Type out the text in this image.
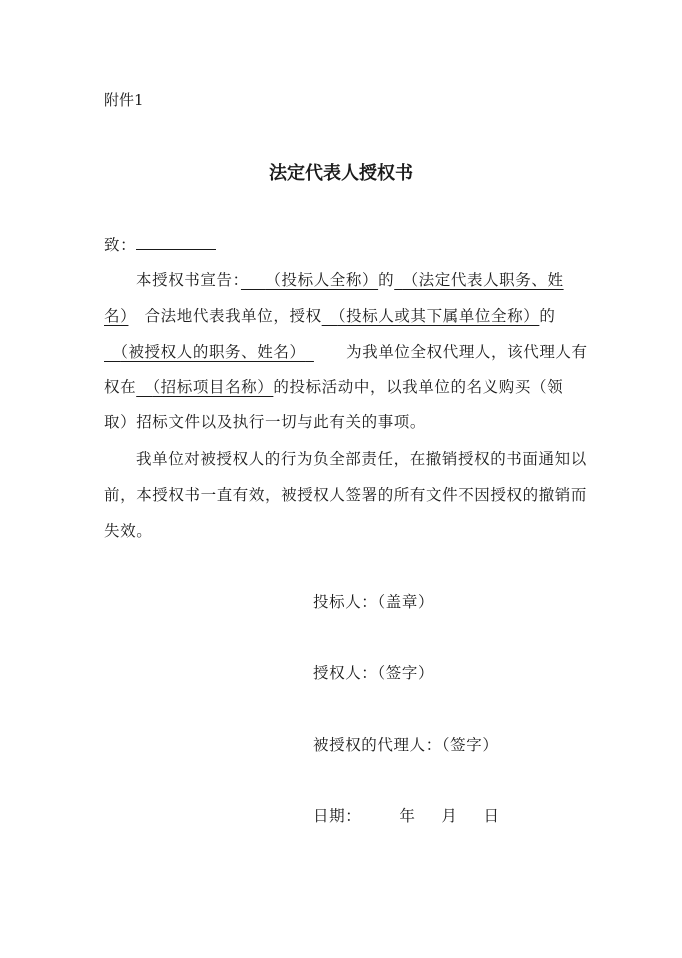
附件1
法定代表人授权书
致：
本授权书宣告：　  （投标人全称）的  （法定代表人职务、姓
名）　 合法地代表我单位，授权　 （投标人或其下属单位全称）的
　（被授权人的职务、姓名） 　　	为我单位全权代理人，该代理人有
权在　 （招标项目名称）的投标活动中，以我单位的名义购买（领
取）招标文件以及执行一切与此有关的事项。
我单位对被授权人的行为负全部责任，在撤销授权的书面通知以
前，本授权书一直有效，被授权人签署的所有文件不因授权的撤销而
失效。
投标人：（盖章）
授权人：（签字）
被授权的代理人：（签字）
日期： 年 月 日
